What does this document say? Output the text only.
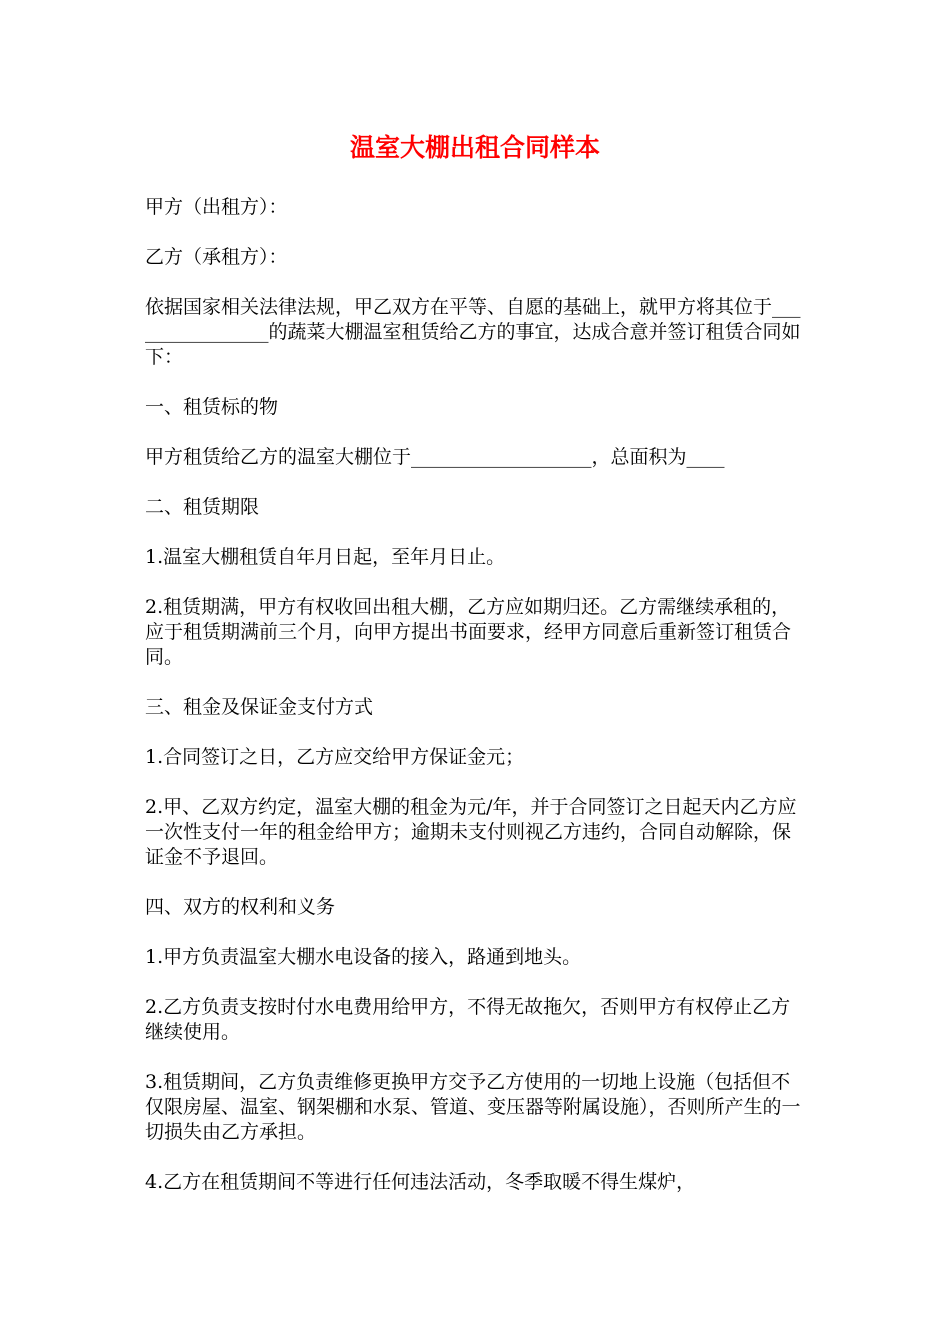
温室大棚出租合同样本

甲方（出租方）：

乙方（承租方）：

依据国家相关法律法规，甲乙双方在平等、自愿的基础上，就甲方将其位于________________的蔬菜大棚温室租赁给乙方的事宜，达成合意并签订租赁合同如下：

一、租赁标的物

甲方租赁给乙方的温室大棚位于___________________，总面积为____

二、租赁期限

1.温室大棚租赁自年月日起，至年月日止。

2.租赁期满，甲方有权收回出租大棚，乙方应如期归还。乙方需继续承租的，应于租赁期满前三个月，向甲方提出书面要求，经甲方同意后重新签订租赁合同。

三、租金及保证金支付方式

1.合同签订之日，乙方应交给甲方保证金元；

2.甲、乙双方约定，温室大棚的租金为元/年，并于合同签订之日起天内乙方应一次性支付一年的租金给甲方；逾期未支付则视乙方违约，合同自动解除，保证金不予退回。

四、双方的权利和义务

1.甲方负责温室大棚水电设备的接入，路通到地头。

2.乙方负责支按时付水电费用给甲方，不得无故拖欠，否则甲方有权停止乙方继续使用。

3.租赁期间，乙方负责维修更换甲方交予乙方使用的一切地上设施（包括但不仅限房屋、温室、钢架棚和水泵、管道、变压器等附属设施），否则所产生的一切损失由乙方承担。

4.乙方在租赁期间不等进行任何违法活动，冬季取暖不得生煤炉，
